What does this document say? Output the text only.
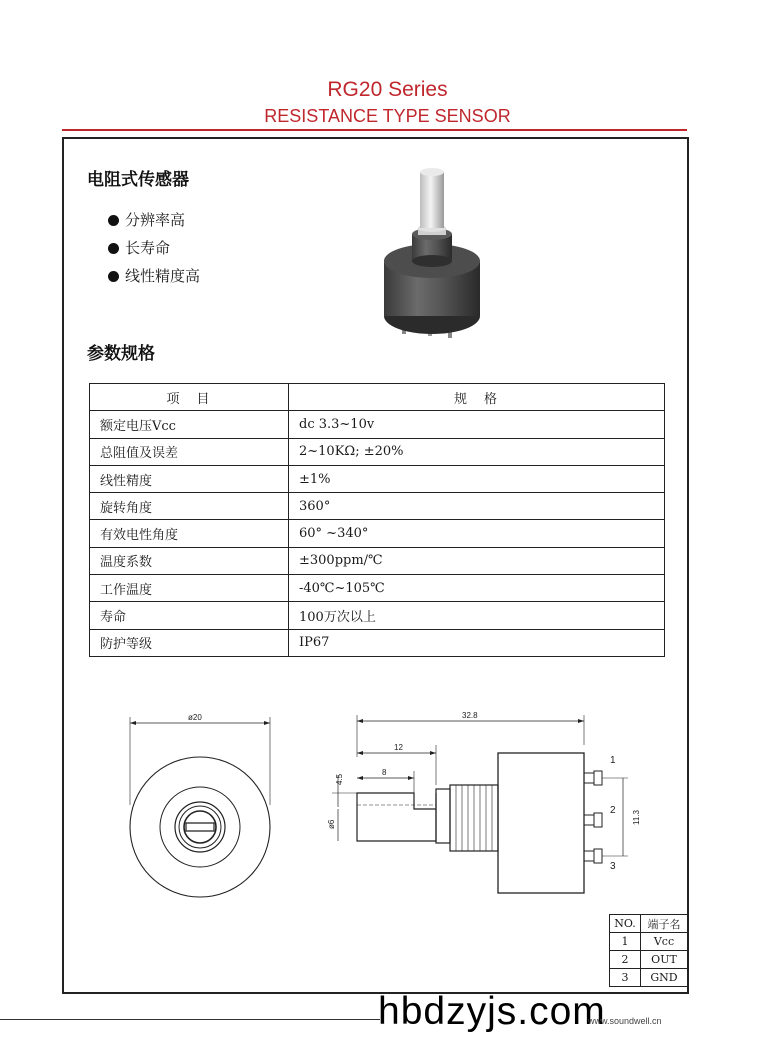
RG20 Series
RESISTANCE TYPE SENSOR
电阻式传感器
分辨率高
长寿命
线性精度高
参数规格
项　目	规　格
额定电压Vcc	dc 3.3~10v
总阻值及误差	2~10KΩ; ±20%
线性精度	±1%
旋转角度	360°
有效电性角度	60° ~340°
温度系数	±300ppm/℃
工作温度	-40℃~105℃
寿命	100万次以上
防护等级	IP67
ø20	32.8
12
8
4.5
ø6
1
2
3
11.3
NO.	端子名
1	Vcc
2	OUT
3	GND
hbdzyjs.com
www.soundwell.cn
